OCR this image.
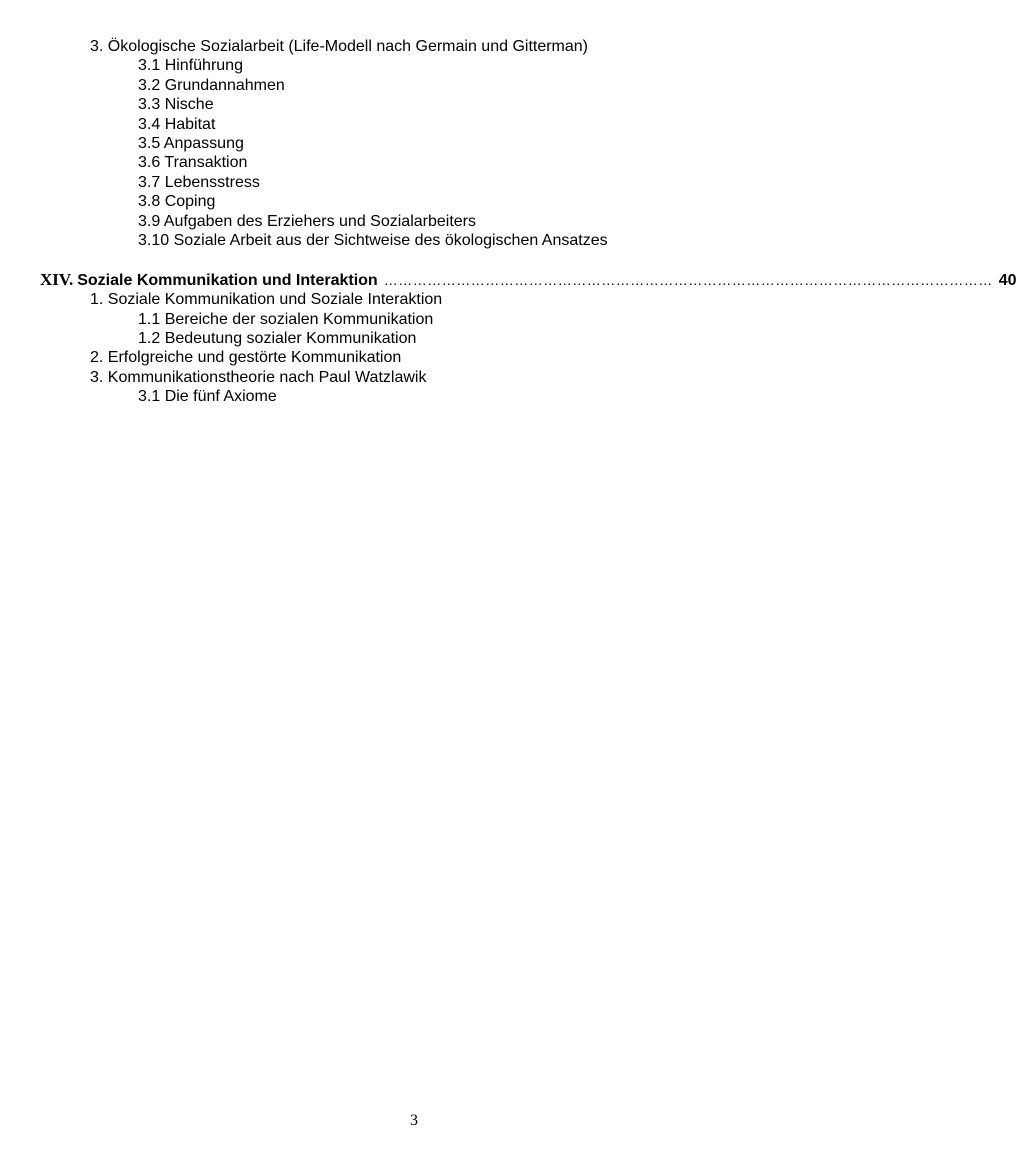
3. Ökologische Sozialarbeit (Life-Modell nach Germain und Gitterman)
3.1 Hinführung
3.2 Grundannahmen
3.3 Nische
3.4 Habitat
3.5 Anpassung
3.6 Transaktion
3.7 Lebensstress
3.8 Coping
3.9 Aufgaben des Erziehers und Sozialarbeiters
3.10 Soziale Arbeit aus der Sichtweise des ökologischen Ansatzes
XIV. Soziale Kommunikation und Interaktion ……………………………………………………………………………………………………………… 40
1. Soziale Kommunikation und Soziale Interaktion
1.1 Bereiche der sozialen Kommunikation
1.2 Bedeutung sozialer Kommunikation
2. Erfolgreiche und gestörte Kommunikation
3. Kommunikationstheorie nach Paul Watzlawik
3.1 Die fünf Axiome
3
